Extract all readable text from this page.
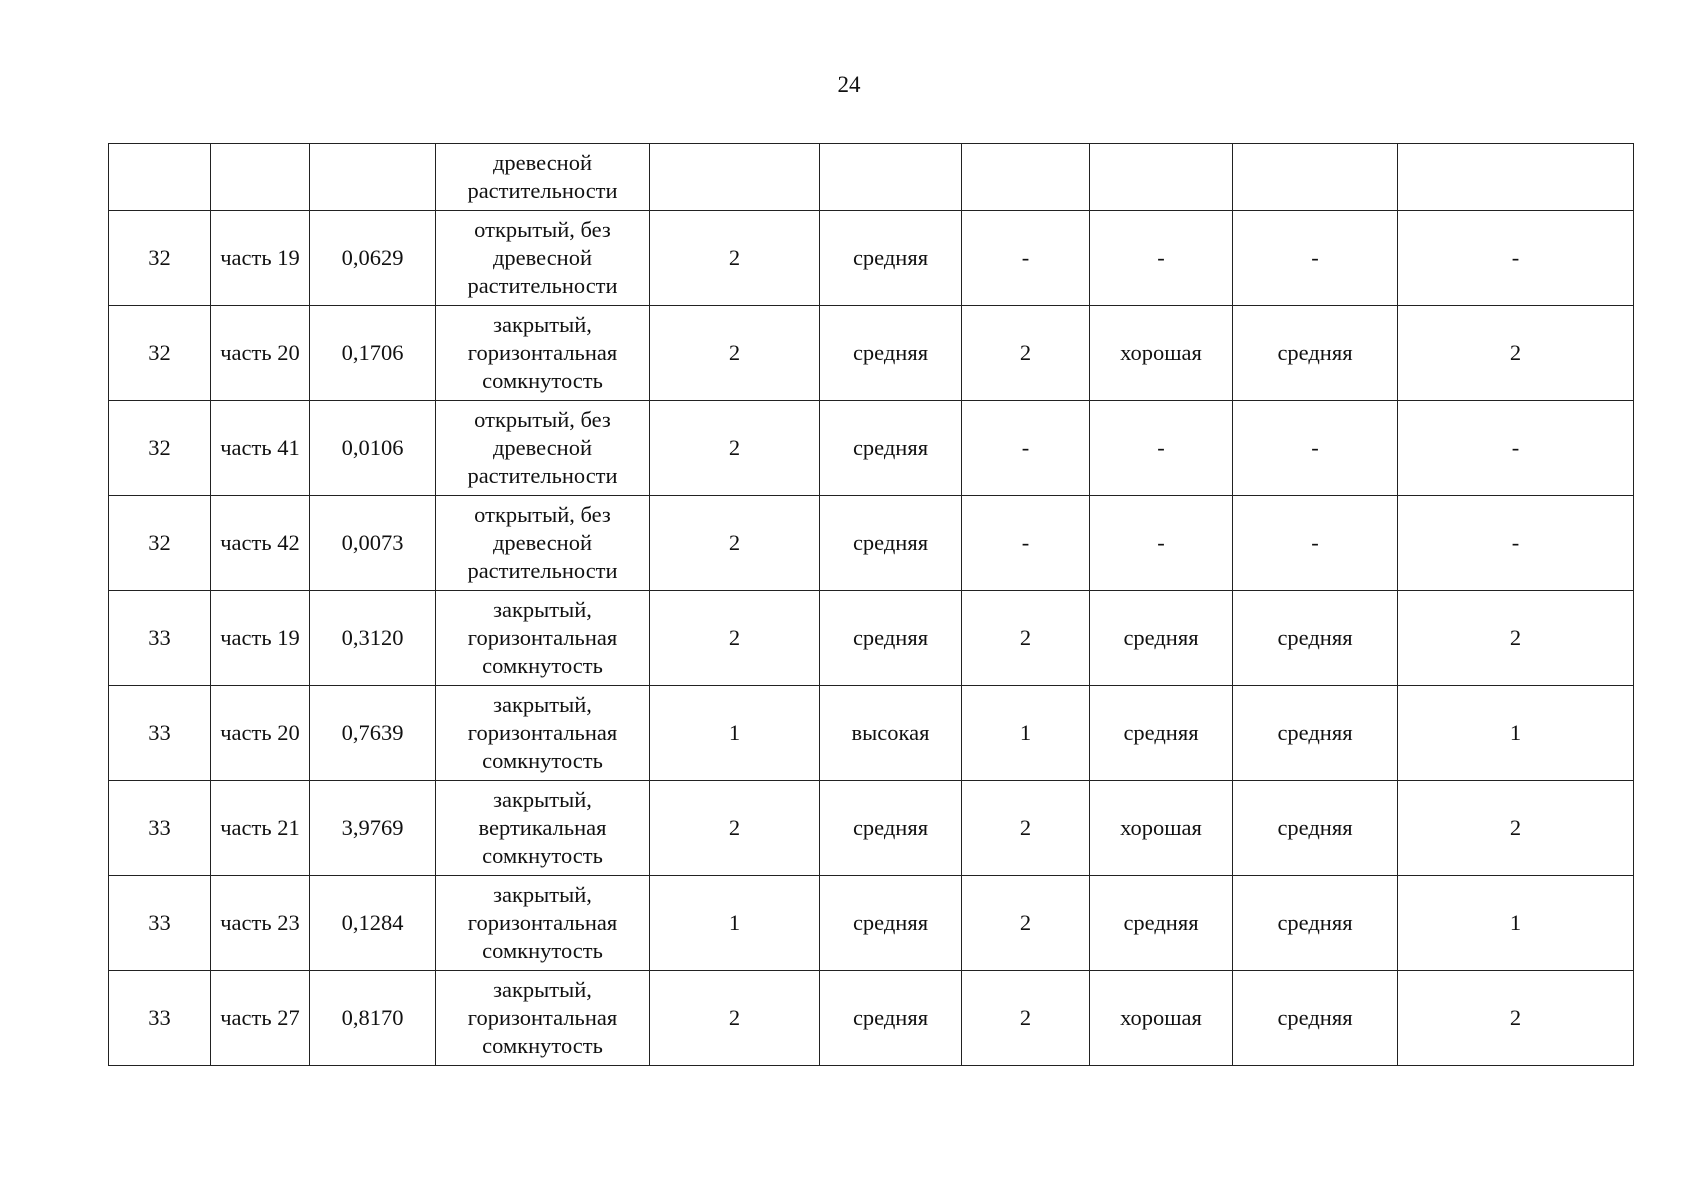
24
			древесной
растительности						
32	часть 19	0,0629	открытый, без
древесной
растительности	2	средняя	-	-	-	-
32	часть 20	0,1706	закрытый,
горизонтальная
сомкнутость	2	средняя	2	хорошая	средняя	2
32	часть 41	0,0106	открытый, без
древесной
растительности	2	средняя	-	-	-	-
32	часть 42	0,0073	открытый, без
древесной
растительности	2	средняя	-	-	-	-
33	часть 19	0,3120	закрытый,
горизонтальная
сомкнутость	2	средняя	2	средняя	средняя	2
33	часть 20	0,7639	закрытый,
горизонтальная
сомкнутость	1	высокая	1	средняя	средняя	1
33	часть 21	3,9769	закрытый,
вертикальная
сомкнутость	2	средняя	2	хорошая	средняя	2
33	часть 23	0,1284	закрытый,
горизонтальная
сомкнутость	1	средняя	2	средняя	средняя	1
33	часть 27	0,8170	закрытый,
горизонтальная
сомкнутость	2	средняя	2	хорошая	средняя	2
